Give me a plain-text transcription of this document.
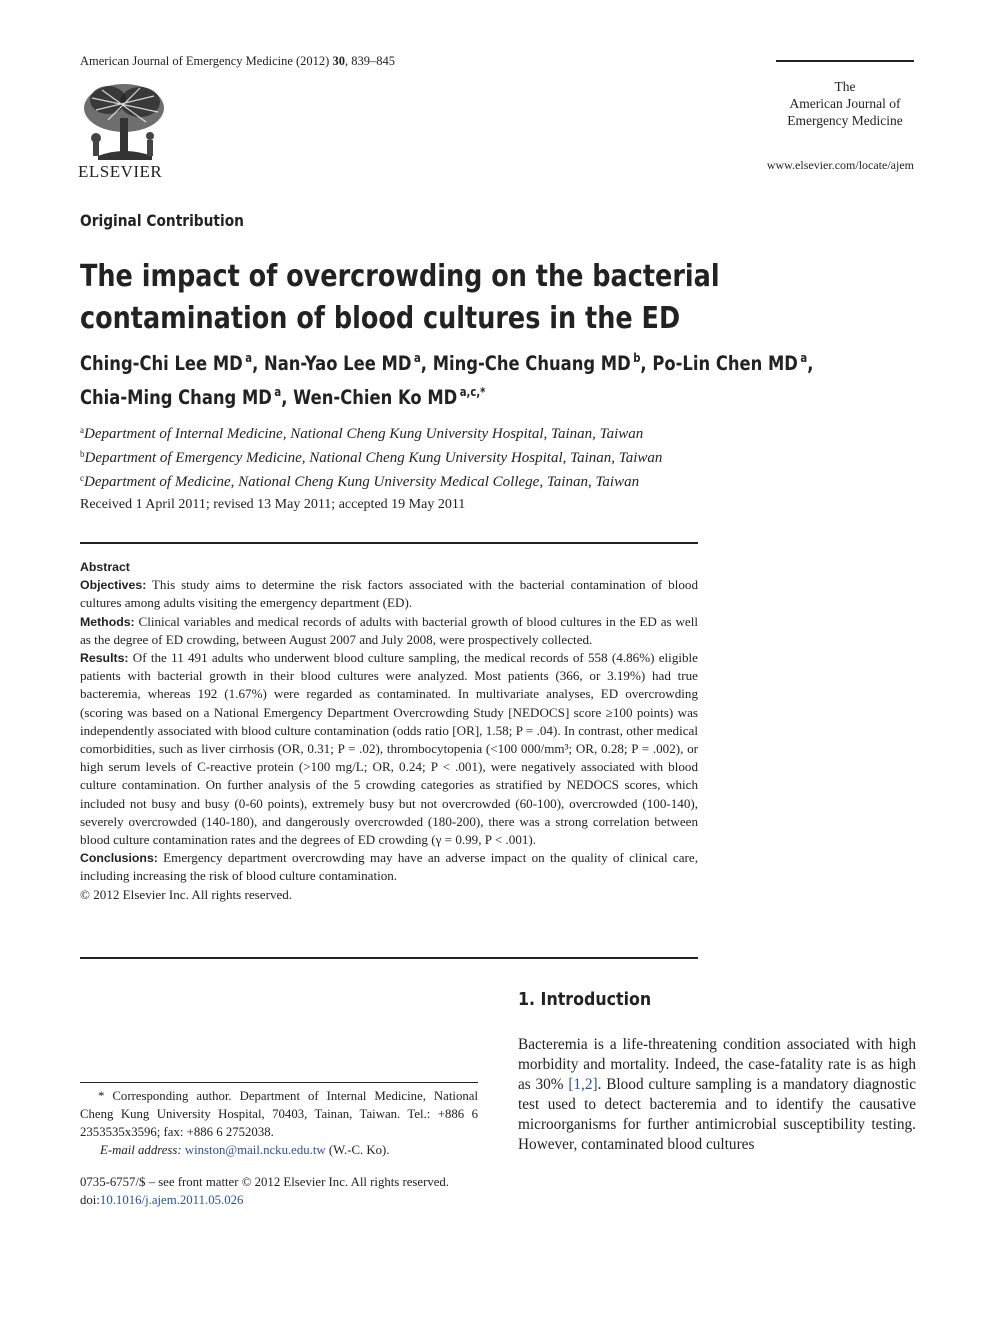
American Journal of Emergency Medicine (2012) 30, 839–845
ELSEVIER
The
American Journal of
Emergency Medicine
www.elsevier.com/locate/ajem
Original Contribution
The impact of overcrowding on the bacterial contamination of blood cultures in the ED
Ching-Chi Lee MD $^a$, Nan-Yao Lee MD $^a$, Ming-Che Chuang MD $^b$, Po-Lin Chen MD $^a$,
Chia-Ming Chang MD $^a$, Wen-Chien Ko MD $^{a,c,*}$
$^a$Department of Internal Medicine, National Cheng Kung University Hospital, Tainan, Taiwan
$^b$Department of Emergency Medicine, National Cheng Kung University Hospital, Tainan, Taiwan
$^c$Department of Medicine, National Cheng Kung University Medical College, Tainan, Taiwan
Received 1 April 2011; revised 13 May 2011; accepted 19 May 2011

Abstract

Objectives: This study aims to determine the risk factors associated with the bacterial contamination of blood cultures among adults visiting the emergency department (ED).

Methods: Clinical variables and medical records of adults with bacterial growth of blood cultures in the ED as well as the degree of ED crowding, between August 2007 and July 2008, were prospectively collected.

Results: Of the 11 491 adults who underwent blood culture sampling, the medical records of 558 (4.86%) eligible patients with bacterial growth in their blood cultures were analyzed. Most patients (366, or 3.19%) had true bacteremia, whereas 192 (1.67%) were regarded as contaminated. In multivariate analyses, ED overcrowding (scoring was based on a National Emergency Department Overcrowding Study [NEDOCS] score ≥100 points) was independently associated with blood culture contamination (odds ratio [OR], 1.58; P = .04). In contrast, other medical comorbidities, such as liver cirrhosis (OR, 0.31; P = .02), thrombocytopenia (<100 000/mm³; OR, 0.28; P = .002), or high serum levels of C-reactive protein (>100 mg/L; OR, 0.24; P < .001), were negatively associated with blood culture contamination. On further analysis of the 5 crowding categories as stratified by NEDOCS scores, which included not busy and busy (0-60 points), extremely busy but not overcrowded (60-100), overcrowded (100-140), severely overcrowded (140-180), and dangerously overcrowded (180-200), there was a strong correlation between blood culture contamination rates and the degrees of ED crowding (γ = 0.99, P < .001).

Conclusions: Emergency department overcrowding may have an adverse impact on the quality of clinical care, including increasing the risk of blood culture contamination.

© 2012 Elsevier Inc. All rights reserved.

1. Introduction
Bacteremia is a life-threatening condition associated with high morbidity and mortality. Indeed, the case-fatality rate is as high as 30% [1,2]. Blood culture sampling is a mandatory diagnostic test used to detect bacteremia and to identify the causative microorganisms for further antimicrobial susceptibility testing. However, contaminated blood cultures

* Corresponding author. Department of Internal Medicine, National Cheng Kung University Hospital, 70403, Tainan, Taiwan. Tel.: +886 6 2353535x3596; fax: +886 6 2752038.

E-mail address: winston@mail.ncku.edu.tw (W.-C. Ko).

0735-6757/$ – see front matter © 2012 Elsevier Inc. All rights reserved.

doi:10.1016/j.ajem.2011.05.026
